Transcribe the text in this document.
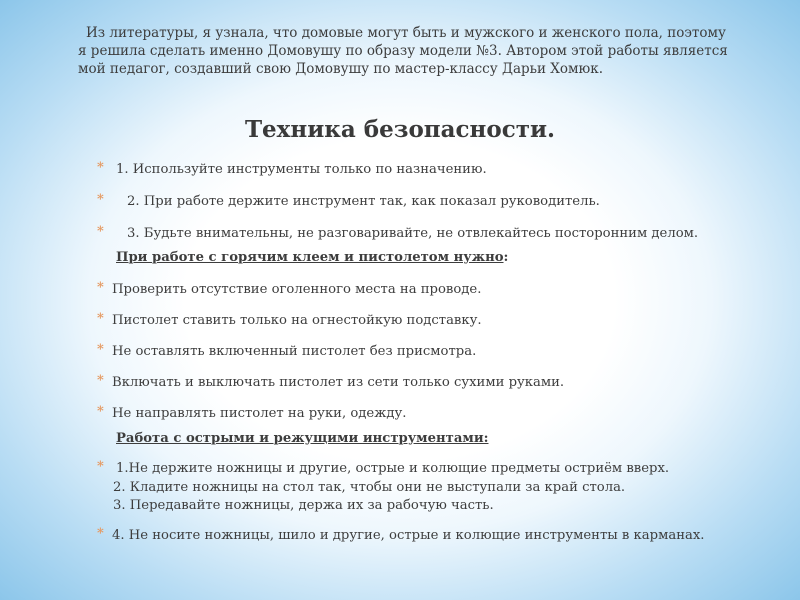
Из литературы, я узнала, что домовые могут быть и мужского и женского пола, поэтому я решила сделать именно Домовушу по образу модели №3. Автором этой работы является мой педагог, создавший свою Домовушу по мастер-классу Дарьи Хомюк.
Техника безопасности.
* 1. Используйте инструменты только по назначению.
* 2. При работе держите инструмент так, как показал руководитель.
* 3. Будьте внимательны, не разговаривайте, не отвлекайтесь посторонним делом.
При работе с горячим клеем и пистолетом нужно:
* Проверить отсутствие оголенного места на проводе.
* Пистолет ставить только на огнестойкую подставку.
* Не оставлять включенный пистолет без присмотра.
* Включать и выключать пистолет из сети только сухими руками.
* Не направлять пистолет на руки, одежду.
Работа с острыми и режущими инструментами:
* 1.Не держите ножницы и другие, острые и колющие предметы остриём вверх.
2. Кладите ножницы на стол так, чтобы они не выступали за край стола.
3. Передавайте ножницы, держа их за рабочую часть.
* 4. Не носите ножницы, шило и другие, острые и колющие инструменты в карманах.
